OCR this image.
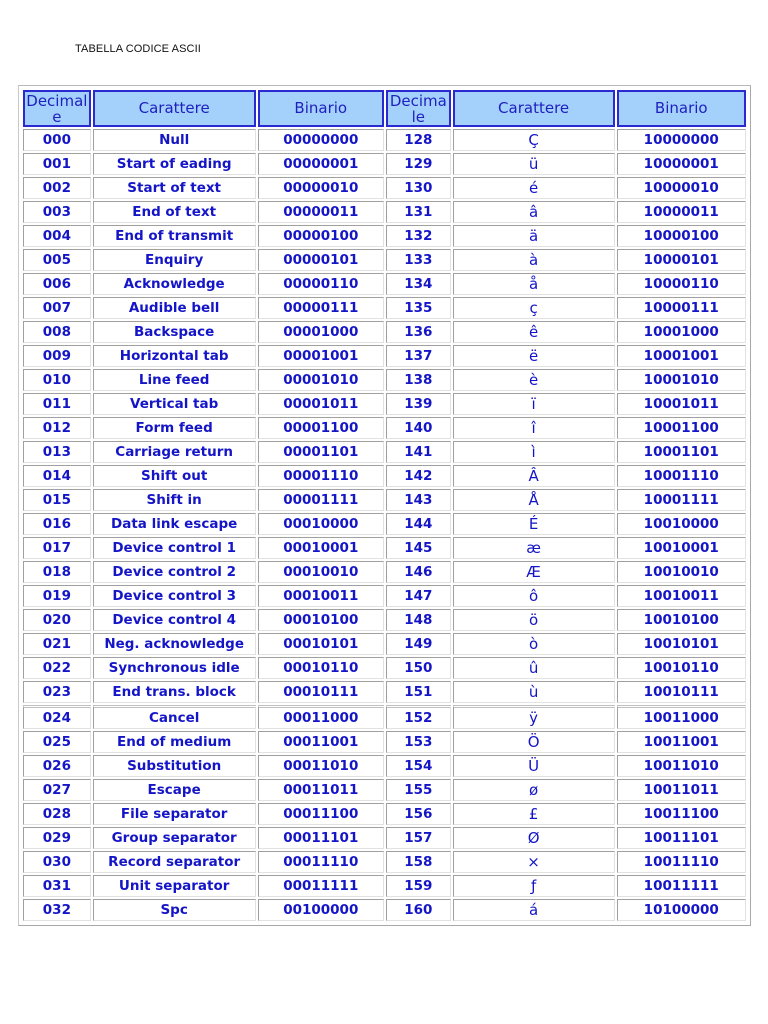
TABELLA CODICE ASCII
Decimale	Carattere	Binario	Decimale	Carattere	Binario
000	Null	00000000	128	Ç	10000000
001	Start of eading	00000001	129	ü	10000001
002	Start of text	00000010	130	é	10000010
003	End of text	00000011	131	â	10000011
004	End of transmit	00000100	132	ä	10000100
005	Enquiry	00000101	133	à	10000101
006	Acknowledge	00000110	134	å	10000110
007	Audible bell	00000111	135	ç	10000111
008	Backspace	00001000	136	ê	10001000
009	Horizontal tab	00001001	137	ë	10001001
010	Line feed	00001010	138	è	10001010
011	Vertical tab	00001011	139	ï	10001011
012	Form feed	00001100	140	î	10001100
013	Carriage return	00001101	141	ì	10001101
014	Shift out	00001110	142	Â	10001110
015	Shift in	00001111	143	Å	10001111
016	Data link escape	00010000	144	É	10010000
017	Device control 1	00010001	145	æ	10010001
018	Device control 2	00010010	146	Æ	10010010
019	Device control 3	00010011	147	ô	10010011
020	Device control 4	00010100	148	ö	10010100
021	Neg. acknowledge	00010101	149	ò	10010101
022	Synchronous idle	00010110	150	û	10010110
023	End trans. block	00010111	151	ù	10010111
024	Cancel	00011000	152	ÿ	10011000
025	End of medium	00011001	153	Ö	10011001
026	Substitution	00011010	154	Ü	10011010
027	Escape	00011011	155	ø	10011011
028	File separator	00011100	156	£	10011100
029	Group separator	00011101	157	Ø	10011101
030	Record separator	00011110	158	×	10011110
031	Unit separator	00011111	159	ƒ	10011111
032	Spc	00100000	160	á	10100000
